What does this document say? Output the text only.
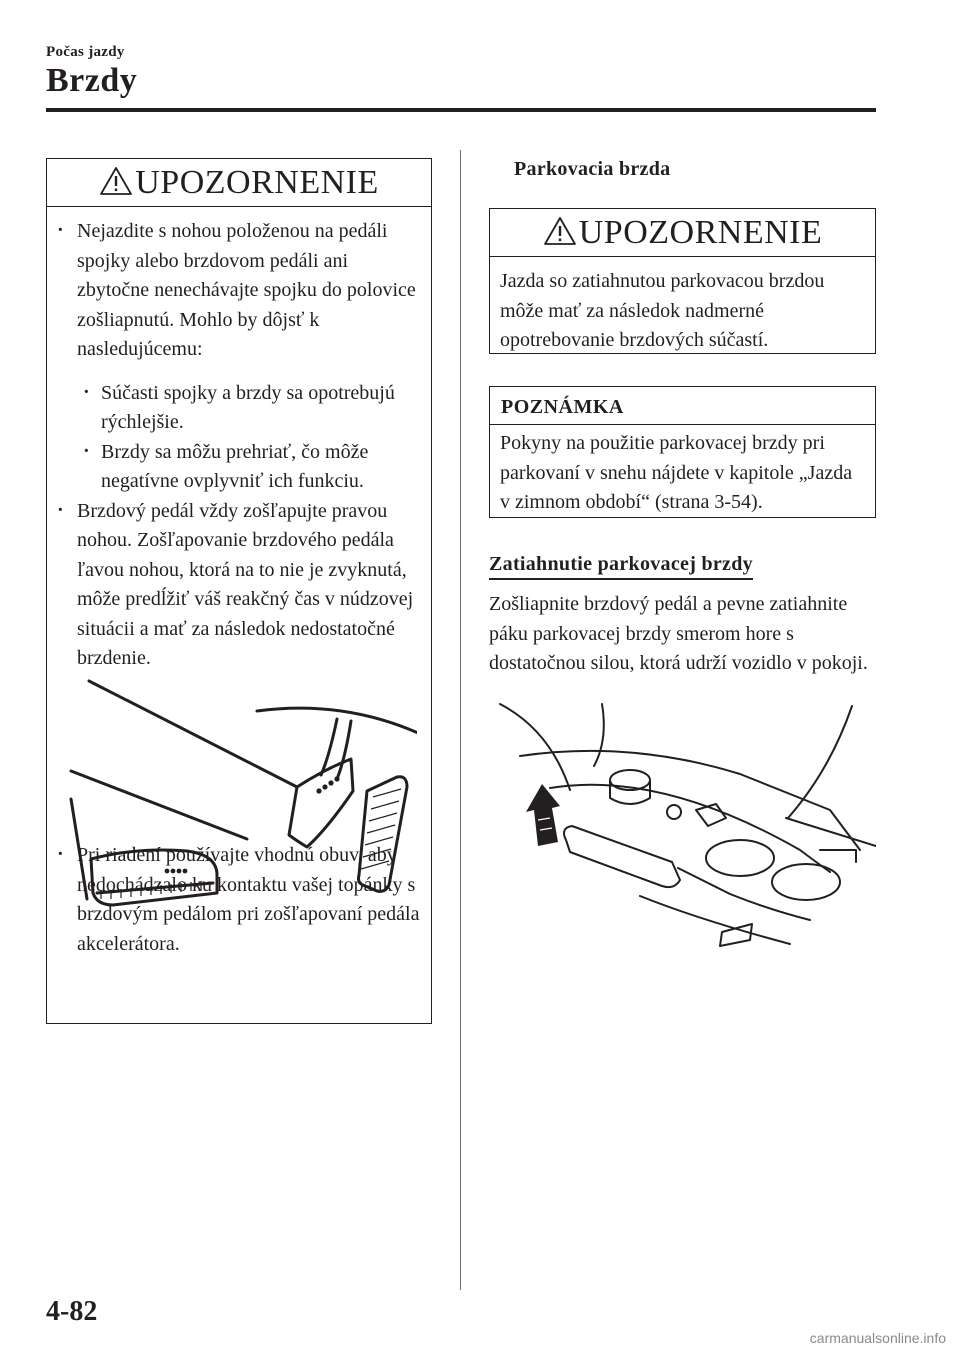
Počas jazdy
Brzdy
UPOZORNENIE
· Nejazdite s nohou položenou na pedáli spojky alebo brzdovom pedáli ani zbytočne nenechávajte spojku do polovice zošliapnutú. Mohlo by dôjsť k nasledujúcemu:
· Súčasti spojky a brzdy sa opotrebujú rýchlejšie.
· Brzdy sa môžu prehriať, čo môže negatívne ovplyvniť ich funkciu.
· Brzdový pedál vždy zošľapujte pravou nohou. Zošľapovanie brzdového pedála ľavou nohou, ktorá na to nie je zvyknutá, môže predĺžiť váš reakčný čas v núdzovej situácii a mať za následok nedostatočné brzdenie.
· Pri riadení používajte vhodnú obuv, aby nedochádzalo ku kontaktu vašej topánky s brzdovým pedálom pri zošľapovaní pedála akcelerátora.
Parkovacia brzda
UPOZORNENIE
Jazda so zatiahnutou parkovacou brzdou môže mať za následok nadmerné opotrebovanie brzdových súčastí.
POZNÁMKA
Pokyny na použitie parkovacej brzdy pri parkovaní v snehu nájdete v kapitole „Jazda v zimnom období“ (strana 3-54).
Zatiahnutie parkovacej brzdy
Zošliapnite brzdový pedál a pevne zatiahnite páku parkovacej brzdy smerom hore s dostatočnou silou, ktorá udrží vozidlo v pokoji.
4-82
carmanualsonline.info
